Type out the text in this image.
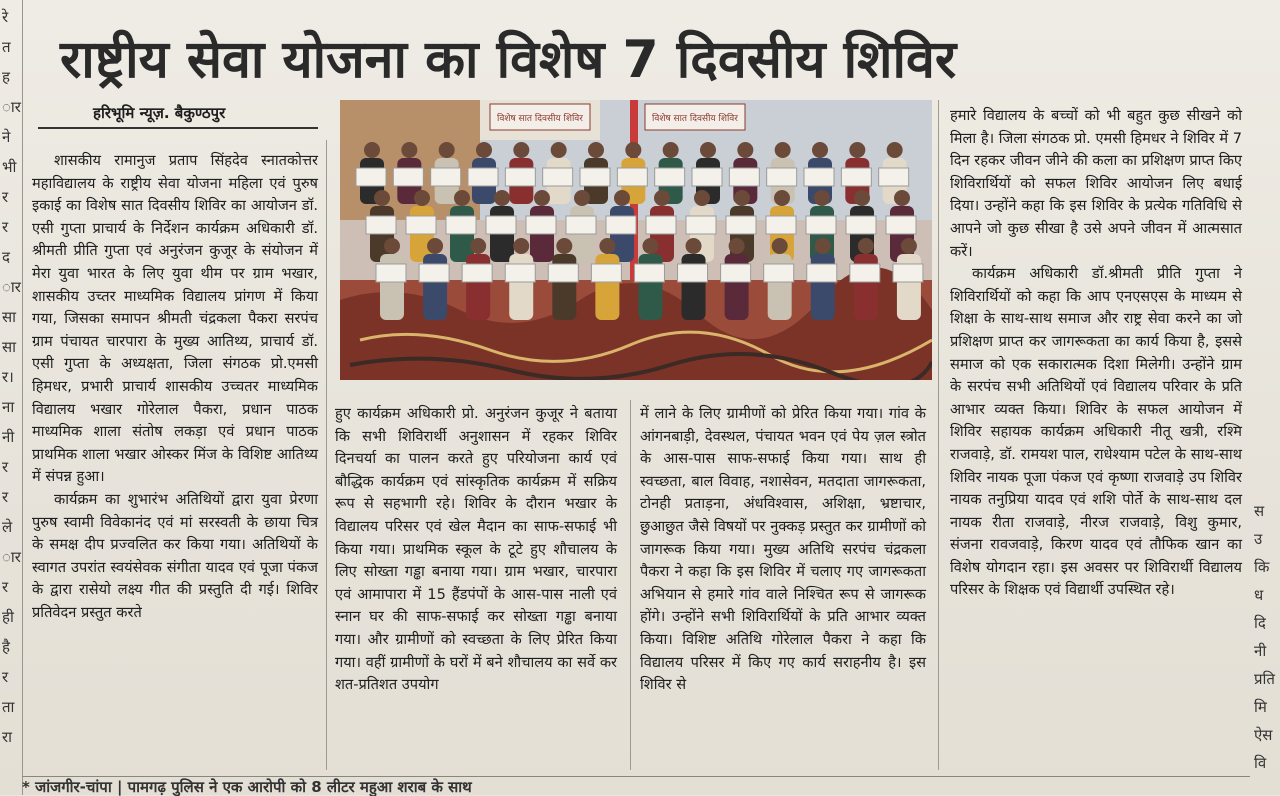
रे
त
ह
ार
ने
भी
र
र
द
ार
सा
सा
र।
ना
नी
र
र
ले
ार
र
ही
है
र
ता
रा
स
उ
कि
ध
दि
नी
प्रति
मि
ऐस
वि
राष्ट्रीय सेवा योजना का विशेष 7 दिवसीय शिविर
हरिभूमि न्यूज़. बैकुण्ठपुर	विशेष सात दिवसीय शिविर	विशेष सात दिवसीय शिविर

शासकीय रामानुज प्रताप सिंहदेव स्नातकोत्तर महाविद्यालय के राष्ट्रीय सेवा योजना महिला एवं पुरुष इकाई का विशेष सात दिवसीय शिविर का आयोजन डॉ. एसी गुप्ता प्राचार्य के निर्देशन कार्यक्रम अधिकारी डॉ. श्रीमती प्रीति गुप्ता एवं अनुरंजन कुजूर के संयोजन में मेरा युवा भारत के लिए युवा थीम पर ग्राम भखार, शासकीय उच्तर माध्यमिक विद्यालय प्रांगण में किया गया, जिसका समापन श्रीमती चंद्रकला पैकरा सरपंच ग्राम पंचायत चारपारा के मुख्य आतिथ्य, प्राचार्य डॉ. एसी गुप्ता के अध्यक्षता, जिला संगठक प्रो.एमसी हिमधर, प्रभारी प्राचार्य शासकीय उच्चतर माध्यमिक विद्यालय भखार गोरेलाल पैकरा, प्रधान पाठक माध्यमिक शाला संतोष लकड़ा एवं प्रधान पाठक प्राथमिक शाला भखार ओस्कर मिंज के विशिष्ट आतिथ्य में संपन्न हुआ।

कार्यक्रम का शुभारंभ अतिथियों द्वारा युवा प्रेरणा पुरुष स्वामी विवेकानंद एवं मां सरस्वती के छाया चित्र के समक्ष दीप प्रज्वलित कर किया गया। अतिथियों के स्वागत उपरांत स्वयंसेवक संगीता यादव एवं पूजा पंकज के द्वारा रासेयो लक्ष्य गीत की प्रस्तुति दी गई। शिविर प्रतिवेदन प्रस्तुत करते

हुए कार्यक्रम अधिकारी प्रो. अनुरंजन कुजूर ने बताया कि सभी शिविरार्थी अनुशासन में रहकर शिविर दिनचर्या का पालन करते हुए परियोजना कार्य एवं बौद्धिक कार्यक्रम एवं सांस्कृतिक कार्यक्रम में सक्रिय रूप से सहभागी रहे। शिविर के दौरान भखार के विद्यालय परिसर एवं खेल मैदान का साफ-सफाई भी किया गया। प्राथमिक स्कूल के टूटे हुए शौचालय के लिए सोख्ता गड्ढा बनाया गया। ग्राम भखार, चारपारा एवं आमापारा में 15 हैंडपंपों के आस-पास नाली एवं स्नान घर की साफ-सफाई कर सोख्ता गड्ढा बनाया गया। और ग्रामीणों को स्वच्छता के लिए प्रेरित किया गया। वहीं ग्रामीणों के घरों में बने शौचालय का सर्वे कर शत-प्रतिशत उपयोग

में लाने के लिए ग्रामीणों को प्रेरित किया गया। गांव के आंगनबाड़ी, देवस्थल, पंचायत भवन एवं पेय ज़ल स्त्रोत के आस-पास साफ-सफाई किया गया। साथ ही स्वच्छता, बाल विवाह, नशासेवन, मतदाता जागरूकता, टोनही प्रताड़ना, अंधविश्वास, अशिक्षा, भ्रष्टाचार, छुआछुत जैसे विषयों पर नुक्कड़ प्रस्तुत कर ग्रामीणों को जागरूक किया गया। मुख्य अतिथि सरपंच चंद्रकला पैकरा ने कहा कि इस शिविर में चलाए गए जागरूकता अभियान से हमारे गांव वाले निश्चित रूप से जागरूक होंगे। उन्होंने सभी शिविरार्थियों के प्रति आभार व्यक्त किया। विशिष्ट अतिथि गोरेलाल पैकरा ने कहा कि विद्यालय परिसर में किए गए कार्य सराहनीय है। इस शिविर से

हमारे विद्यालय के बच्चों को भी बहुत कुछ सीखने को मिला है। जिला संगठक प्रो. एमसी हिमधर ने शिविर में 7 दिन रहकर जीवन जीने की कला का प्रशिक्षण प्राप्त किए शिविरार्थियों को सफल शिविर आयोजन लिए बधाई दिया। उन्होंने कहा कि इस शिविर के प्रत्येक गतिविधि से आपने जो कुछ सीखा है उसे अपने जीवन में आत्मसात करें।

कार्यक्रम अधिकारी डॉ.श्रीमती प्रीति गुप्ता ने शिविरार्थियों को कहा कि आप एनएसएस के माध्यम से शिक्षा के साथ-साथ समाज और राष्ट्र सेवा करने का जो प्रशिक्षण प्राप्त कर जागरूकता का कार्य किया है, इससे समाज को एक सकारात्मक दिशा मिलेगी। उन्होंने ग्राम के सरपंच सभी अतिथियों एवं विद्यालय परिवार के प्रति आभार व्यक्त किया। शिविर के सफल आयोजन में शिविर सहायक कार्यक्रम अधिकारी नीतू खत्री, रश्मि राजवाड़े, डॉ. रामयश पाल, राधेश्याम पटेल के साथ-साथ शिविर नायक पूजा पंकज एवं कृष्णा राजवाड़े उप शिविर नायक तनुप्रिया यादव एवं शशि पोर्ते के साथ-साथ दल नायक रीता राजवाड़े, नीरज राजवाड़े, विशु कुमार, संजना रावजवाड़े, किरण यादव एवं तौफिक खान का विशेष योगदान रहा। इस अवसर पर शिविरार्थी विद्यालय परिसर के शिक्षक एवं विद्यार्थी उपस्थित रहे।

* जांजगीर-चांपा | पामगढ़ पुलिस ने एक आरोपी को 8 लीटर महुआ शराब के साथ
